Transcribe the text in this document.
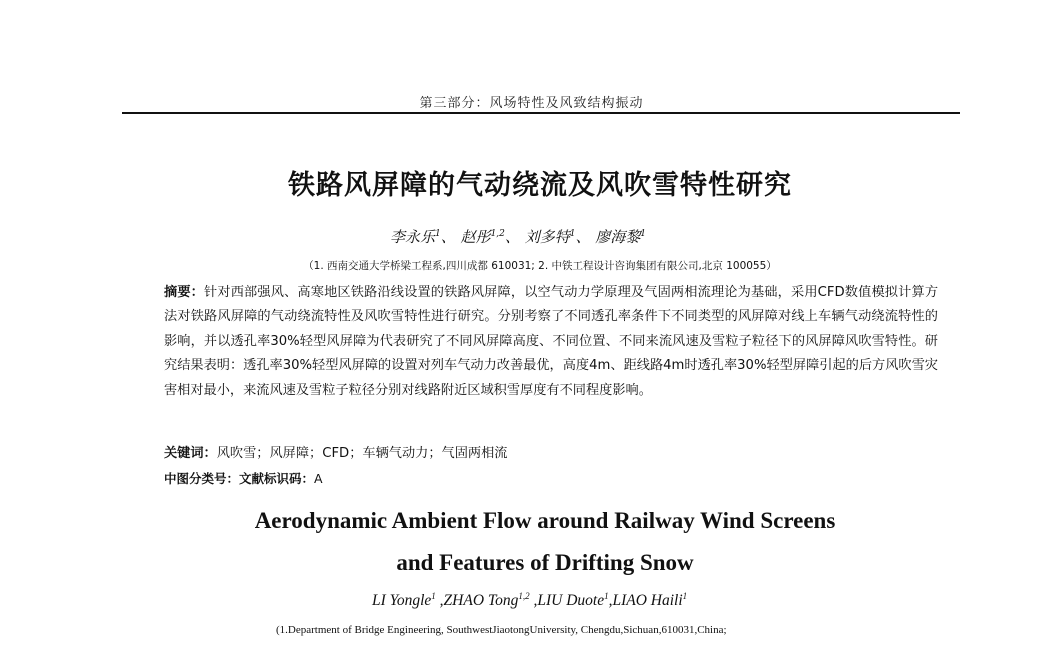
第三部分：风场特性及风致结构振动
铁路风屏障的气动绕流及风吹雪特性研究
李永乐$^1$、 赵彤$^{1,2}$、 刘多特$^1$、 廖海黎$^1$
（1. 西南交通大学桥梁工程系,四川成都 610031; 2. 中铁工程设计咨询集团有限公司,北京 100055）
摘要：针对西部强风、高寒地区铁路沿线设置的铁路风屏障，以空气动力学原理及气固两相流理论为基础，采用CFD数值模拟计算方法对铁路风屏障的气动绕流特性及风吹雪特性进行研究。分别考察了不同透孔率条件下不同类型的风屏障对线上车辆气动绕流特性的影响，并以透孔率30%轻型风屏障为代表研究了不同风屏障高度、不同位置、不同来流风速及雪粒子粒径下的风屏障风吹雪特性。研究结果表明：透孔率30%轻型风屏障的设置对列车气动力改善最优，高度4m、距线路4m时透孔率30%轻型屏障引起的后方风吹雪灾害相对最小，来流风速及雪粒子粒径分别对线路附近区域积雪厚度有不同程度影响。
关键词：风吹雪；风屏障；CFD；车辆气动力；气固两相流
中图分类号：文献标识码：A
Aerodynamic Ambient Flow around Railway Wind Screens
and Features of Drifting Snow
LI Yongle$^1$ ,ZHAO Tong$^{1,2}$ ,LIU Duote$^1$,LIAO Haili$^1$
(1.Department of Bridge Engineering, SouthwestJiaotongUniversity, Chengdu,Sichuan,610031,China;
